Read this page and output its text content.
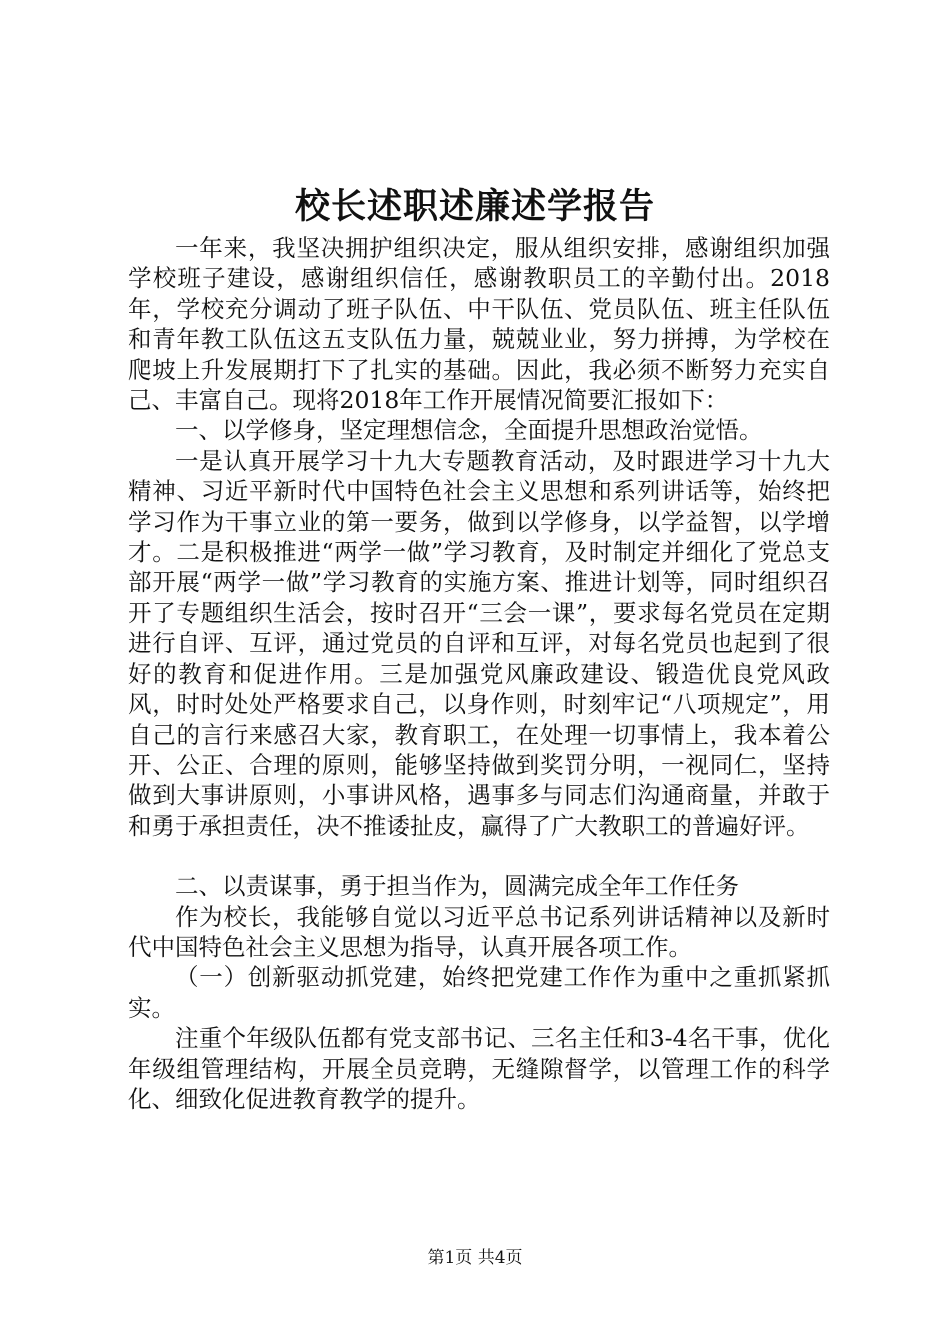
校长述职述廉述学报告

一年来，我坚决拥护组织决定，服从组织安排，感谢组织加强学校班子建设，感谢组织信任，感谢教职员工的辛勤付出。2018年，学校充分调动了班子队伍、中干队伍、党员队伍、班主任队伍和青年教工队伍这五支队伍力量，兢兢业业，努力拼搏，为学校在爬坡上升发展期打下了扎实的基础。因此，我必须不断努力充实自己、丰富自己。现将2018年工作开展情况简要汇报如下：

一、以学修身，坚定理想信念，全面提升思想政治觉悟。

一是认真开展学习十九大专题教育活动，及时跟进学习十九大精神、习近平新时代中国特色社会主义思想和系列讲话等，始终把学习作为干事立业的第一要务，做到以学修身，以学益智，以学增才。二是积极推进“两学一做”学习教育，及时制定并细化了党总支部开展“两学一做”学习教育的实施方案、推进计划等，同时组织召开了专题组织生活会，按时召开“三会一课”，要求每名党员在定期进行自评、互评，通过党员的自评和互评，对每名党员也起到了很好的教育和促进作用。三是加强党风廉政建设、锻造优良党风政风，时时处处严格要求自己，以身作则，时刻牢记“八项规定”，用自己的言行来感召大家，教育职工，在处理一切事情上，我本着公开、公正、合理的原则，能够坚持做到奖罚分明，一视同仁，坚持做到大事讲原则，小事讲风格，遇事多与同志们沟通商量，并敢于和勇于承担责任，决不推诿扯皮，赢得了广大教职工的普遍好评。

二、以责谋事，勇于担当作为，圆满完成全年工作任务

作为校长，我能够自觉以习近平总书记系列讲话精神以及新时代中国特色社会主义思想为指导，认真开展各项工作。

（一）创新驱动抓党建，始终把党建工作作为重中之重抓紧抓实。

注重个年级队伍都有党支部书记、三名主任和3-4名干事，优化年级组管理结构，开展全员竞聘，无缝隙督学，以管理工作的科学化、细致化促进教育教学的提升。

第1页 共4页
